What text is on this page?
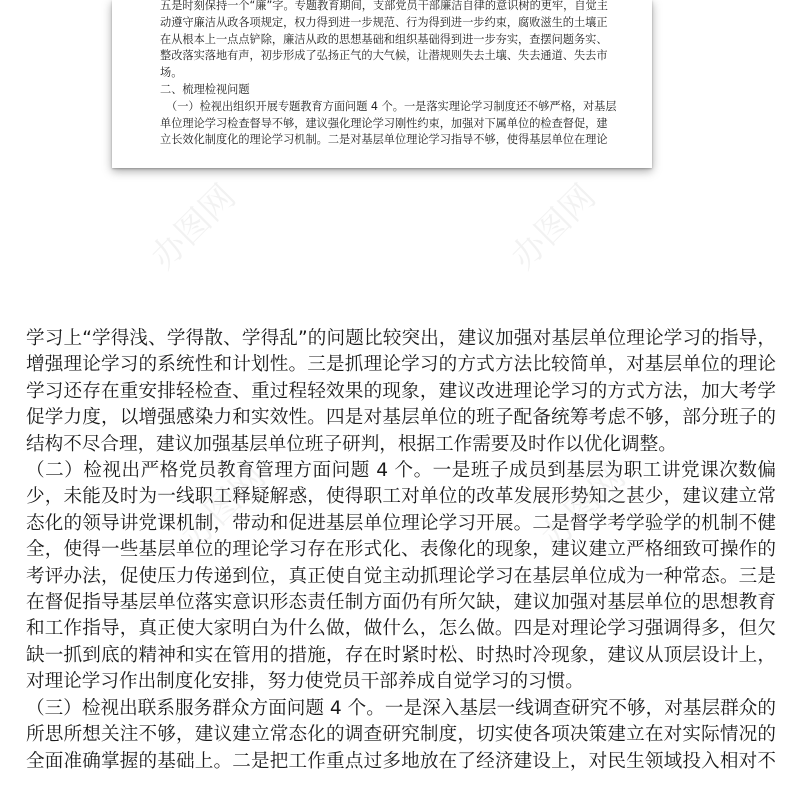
五是时刻保持一个“廉”字。专题教育期间，支部党员干部廉洁自律的意识树的更牢，自觉主

动遵守廉洁从政各项规定，权力得到进一步规范、行为得到进一步约束，腐败滋生的土壤正

在从根本上一点点铲除，廉洁从政的思想基础和组织基础得到进一步夯实，查摆问题务实、

整改落实落地有声，初步形成了弘扬正气的大气候，让潜规则失去土壤、失去通道、失去市

场。

二、梳理检视问题

（一）检视出组织开展专题教育方面问题 4 个。一是落实理论学习制度还不够严格，对基层

单位理论学习检查督导不够，建议强化理论学习刚性约束，加强对下属单位的检查督促，建

立长效化制度化的理论学习机制。二是对基层单位理论学习指导不够，使得基层单位在理论

学习上“学得浅、学得散、学得乱”的问题比较突出，建议加强对基层单位理论学习的指导，

增强理论学习的系统性和计划性。三是抓理论学习的方式方法比较简单，对基层单位的理论

学习还存在重安排轻检查、重过程轻效果的现象，建议改进理论学习的方式方法，加大考学

促学力度，以增强感染力和实效性。四是对基层单位的班子配备统筹考虑不够，部分班子的

结构不尽合理，建议加强基层单位班子研判，根据工作需要及时作以优化调整。

（二）检视出严格党员教育管理方面问题 4 个。一是班子成员到基层为职工讲党课次数偏

少，未能及时为一线职工释疑解惑，使得职工对单位的改革发展形势知之甚少，建议建立常

态化的领导讲党课机制，带动和促进基层单位理论学习开展。二是督学考学验学的机制不健

全，使得一些基层单位的理论学习存在形式化、表像化的现象，建议建立严格细致可操作的

考评办法，促使压力传递到位，真正使自觉主动抓理论学习在基层单位成为一种常态。三是

在督促指导基层单位落实意识形态责任制方面仍有所欠缺，建议加强对基层单位的思想教育

和工作指导，真正使大家明白为什么做，做什么，怎么做。四是对理论学习强调得多，但欠

缺一抓到底的精神和实在管用的措施，存在时紧时松、时热时冷现象，建议从顶层设计上，

对理论学习作出制度化安排，努力使党员干部养成自觉学习的习惯。

（三）检视出联系服务群众方面问题 4 个。一是深入基层一线调查研究不够，对基层群众的

所思所想关注不够，建议建立常态化的调查研究制度，切实使各项决策建立在对实际情况的

全面准确掌握的基础上。二是把工作重点过多地放在了经济建设上，对民生领域投入相对不

办图网	办图网
